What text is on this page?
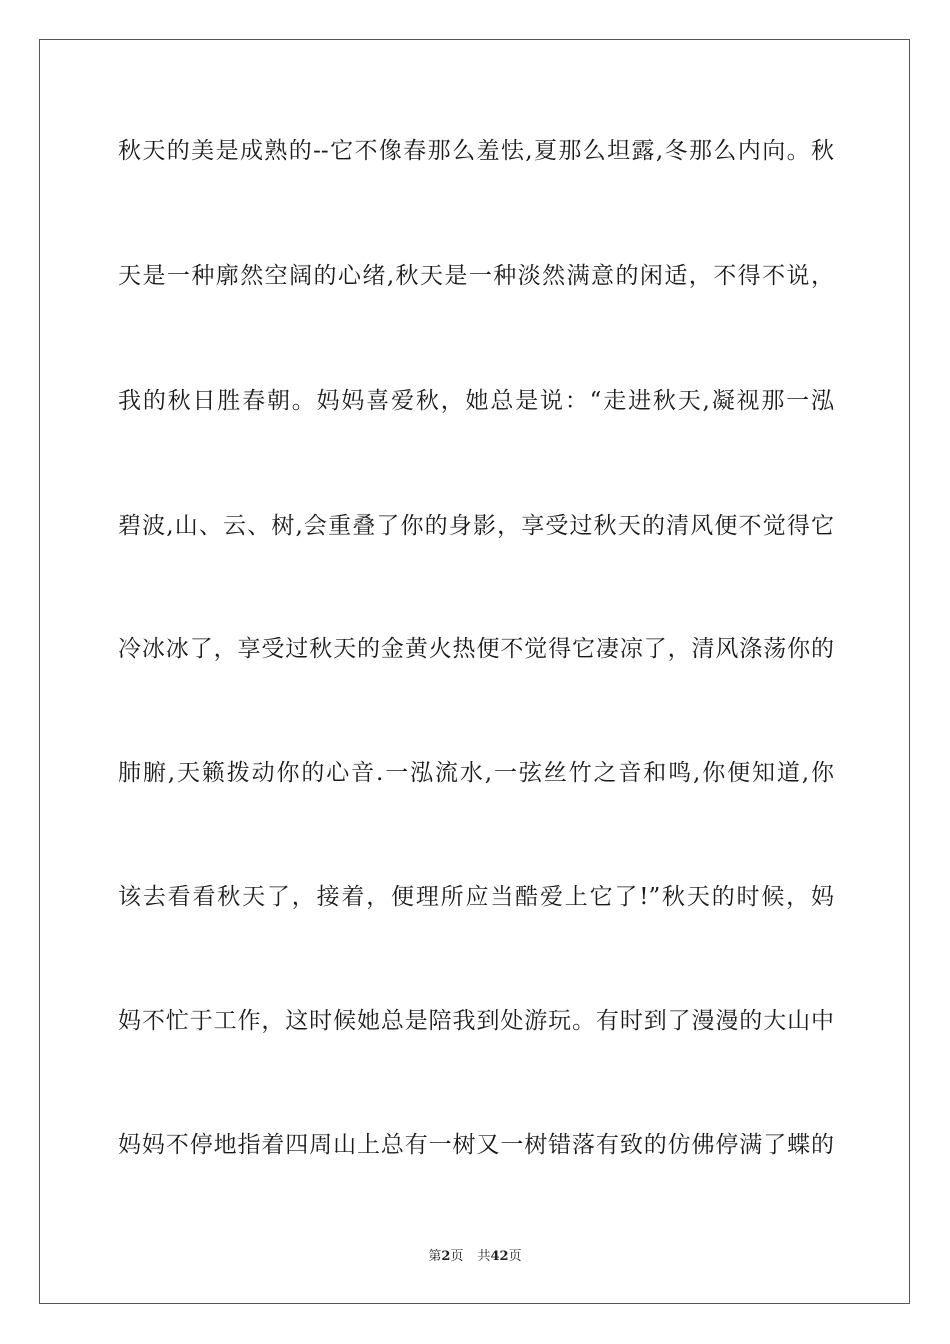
秋天的美是成熟的--它不像春那么羞怯,夏那么坦露,冬那么内向。秋
天是一种廓然空阔的心绪,秋天是一种淡然满意的闲适，不得不说，
我的秋日胜春朝。妈妈喜爱秋，她总是说：“走进秋天,凝视那一泓
碧波,山、云、树,会重叠了你的身影，享受过秋天的清风便不觉得它
冷冰冰了，享受过秋天的金黄火热便不觉得它凄凉了，清风涤荡你的
肺腑,天籁拨动你的心音.一泓流水,一弦丝竹之音和鸣,你便知道,你
该去看看秋天了，接着，便理所应当酷爱上它了!”秋天的时候，妈
妈不忙于工作，这时候她总是陪我到处游玩。有时到了漫漫的大山中
妈妈不停地指着四周山上总有一树又一树错落有致的仿佛停满了蝶的
第2页 共42页
